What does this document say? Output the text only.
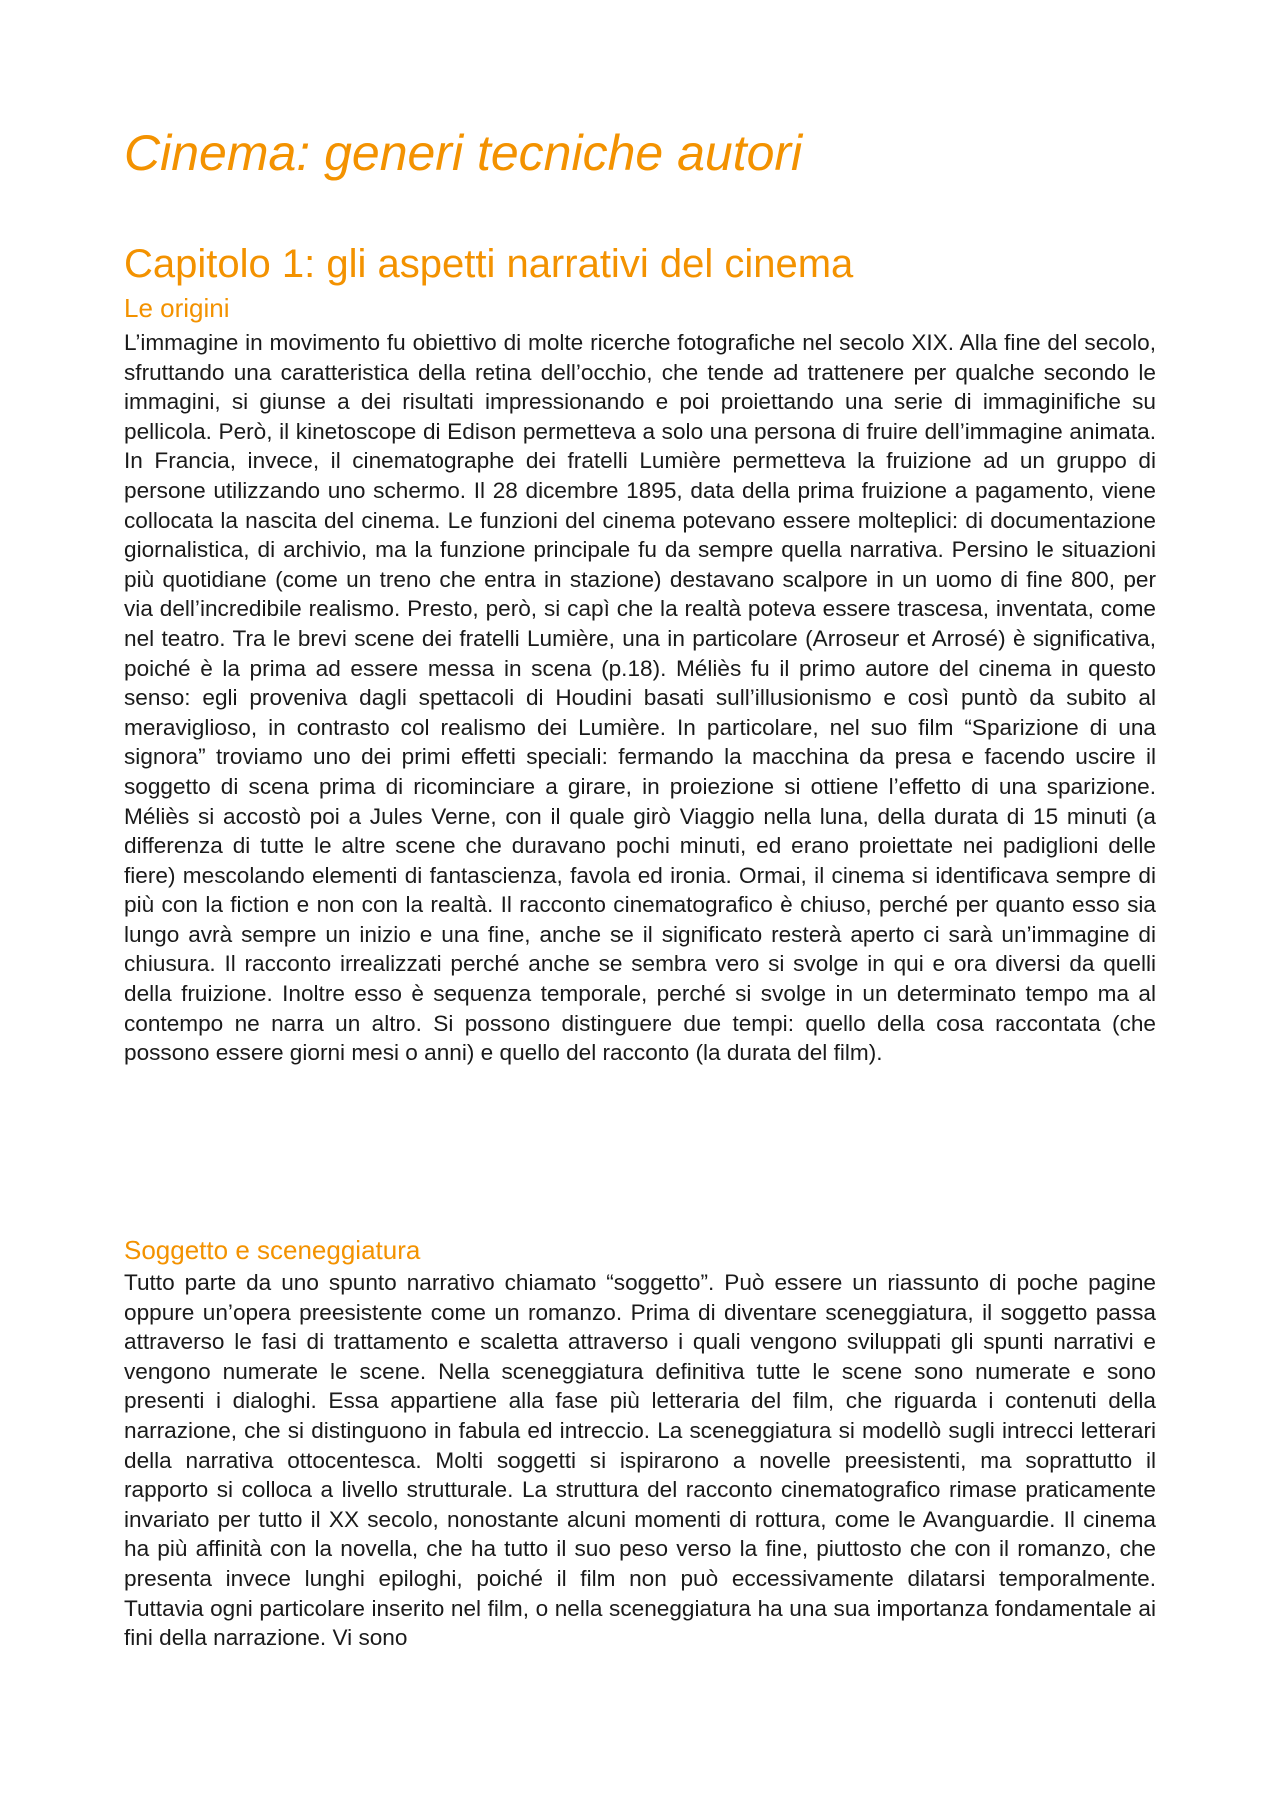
Cinema: generi tecniche autori
Capitolo 1: gli aspetti narrativi del cinema
Le origini

L’immagine in movimento fu obiettivo di molte ricerche fotografiche nel secolo XIX. Alla fine del secolo, sfruttando una caratteristica della retina dell’occhio, che tende ad trattenere per qualche secondo le immagini, si giunse a dei risultati impressionando e poi proiettando una serie di immaginifiche su pellicola. Però, il kinetoscope di Edison permetteva a solo una persona di fruire dell’immagine animata. In Francia, invece, il cinematographe dei fratelli Lumière permetteva la fruizione ad un gruppo di persone utilizzando uno schermo. Il 28 dicembre 1895, data della prima fruizione a pagamento, viene collocata la nascita del cinema. Le funzioni del cinema potevano essere molteplici: di documentazione giornalistica, di archivio, ma la funzione principale fu da sempre quella narrativa. Persino le situazioni più quotidiane (come un treno che entra in stazione) destavano scalpore in un uomo di fine 800, per via dell’incredibile realismo. Presto, però, si capì che la realtà poteva essere trascesa, inventata, come nel teatro. Tra le brevi scene dei fratelli Lumière, una in particolare (Arroseur et Arrosé) è significativa, poiché è la prima ad essere messa in scena (p.18). Méliès fu il primo autore del cinema in questo senso: egli proveniva dagli spettacoli di Houdini basati sull’illusionismo e così puntò da subito al meraviglioso, in contrasto col realismo dei Lumière. In particolare, nel suo film “Sparizione di una signora” troviamo uno dei primi effetti speciali: fermando la macchina da presa e facendo uscire il soggetto di scena prima di ricominciare a girare, in proiezione si ottiene l’effetto di una sparizione. Méliès si accostò poi a Jules Verne, con il quale girò Viaggio nella luna, della durata di 15 minuti (a differenza di tutte le altre scene che duravano pochi minuti, ed erano proiettate nei padiglioni delle fiere) mescolando elementi di fantascienza, favola ed ironia. Ormai, il cinema si identificava sempre di più con la fiction e non con la realtà. Il racconto cinematografico è chiuso, perché per quanto esso sia lungo avrà sempre un inizio e una fine, anche se il significato resterà aperto ci sarà un’immagine di chiusura. Il racconto irrealizzati perché anche se sembra vero si svolge in qui e ora diversi da quelli della fruizione. Inoltre esso è sequenza temporale, perché si svolge in un determinato tempo ma al contempo ne narra un altro. Si possono distinguere due tempi: quello della cosa raccontata (che possono essere giorni mesi o anni) e quello del racconto (la durata del film).

Soggetto e sceneggiatura

Tutto parte da uno spunto narrativo chiamato “soggetto”. Può essere un riassunto di poche pagine oppure un’opera preesistente come un romanzo. Prima di diventare sceneggiatura, il soggetto passa attraverso le fasi di trattamento e scaletta attraverso i quali vengono sviluppati gli spunti narrativi e vengono numerate le scene. Nella sceneggiatura definitiva tutte le scene sono numerate e sono presenti i dialoghi. Essa appartiene alla fase più letteraria del film, che riguarda i contenuti della narrazione, che si distinguono in fabula ed intreccio. La sceneggiatura si modellò sugli intrecci letterari della narrativa ottocentesca. Molti soggetti si ispirarono a novelle preesistenti, ma soprattutto il rapporto si colloca a livello strutturale. La struttura del racconto cinematografico rimase praticamente invariato per tutto il XX secolo, nonostante alcuni momenti di rottura, come le Avanguardie. Il cinema ha più affinità con la novella, che ha tutto il suo peso verso la fine, piuttosto che con il romanzo, che presenta invece lunghi epiloghi, poiché il film non può eccessivamente dilatarsi temporalmente. Tuttavia ogni particolare inserito nel film, o nella sceneggiatura ha una sua importanza fondamentale ai fini della narrazione. Vi sono
